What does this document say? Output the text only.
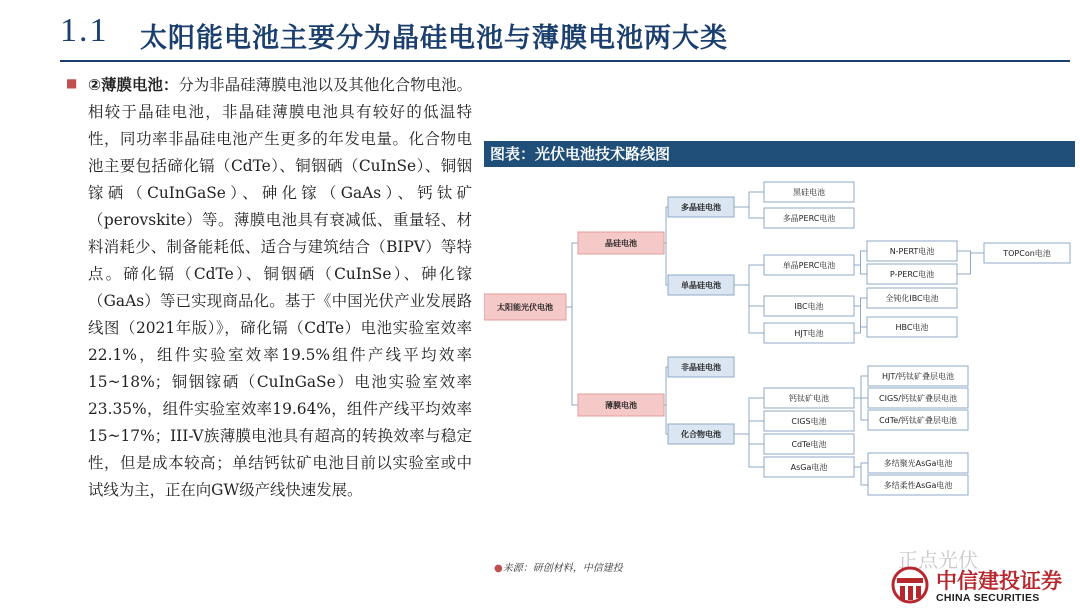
1.1 太阳能电池主要分为晶硅电池与薄膜电池两大类
■ ②薄膜电池：分为非晶硅薄膜电池以及其他化合物电池。相较于晶硅电池，非晶硅薄膜电池具有较好的低温特性，同功率非晶硅电池产生更多的年发电量。化合物电池主要包括碲化镉（CdTe）、铜铟硒（CuInSe）、铜铟镓硒（CuInGaSe）、砷化镓（GaAs）、钙钛矿（perovskite）等。薄膜电池具有衰减低、重量轻、材料消耗少、制备能耗低、适合与建筑结合（BIPV）等特点。碲化镉（CdTe）、铜铟硒（CuInSe）、砷化镓（GaAs）等已实现商品化。基于《中国光伏产业发展路线图（2021年版）》，碲化镉（CdTe）电池实验室效率22.1%，组件实验室效率19.5%组件产线平均效率15~18%；铜铟镓硒（CuInGaSe）电池实验室效率23.35%，组件实验室效率19.64%，组件产线平均效率15~17%；III-V族薄膜电池具有超高的转换效率与稳定性，但是成本较高；单结钙钛矿电池目前以实验室或中试线为主，正在向GW级产线快速发展。
图表：光伏电池技术路线图
太阳能光伏电池
晶硅电池
薄膜电池
多晶硅电池
单晶硅电池
非晶硅电池
化合物电池
黑硅电池
多晶PERC电池
单晶PERC电池
IBC电池
HJT电池
N-PERT电池
P-PERC电池
全钝化IBC电池
HBC电池
TOPCon电池
钙钛矿电池
CIGS电池
CdTe电池
AsGa电池
HJT/钙钛矿叠层电池
CIGS/钙钛矿叠层电池
CdTe/钙钛矿叠层电池
多结聚光AsGa电池
多结柔性AsGa电池
●来源：研创材料，中信建投	正点光伏
中信建投证券
CHINA SECURITIES
